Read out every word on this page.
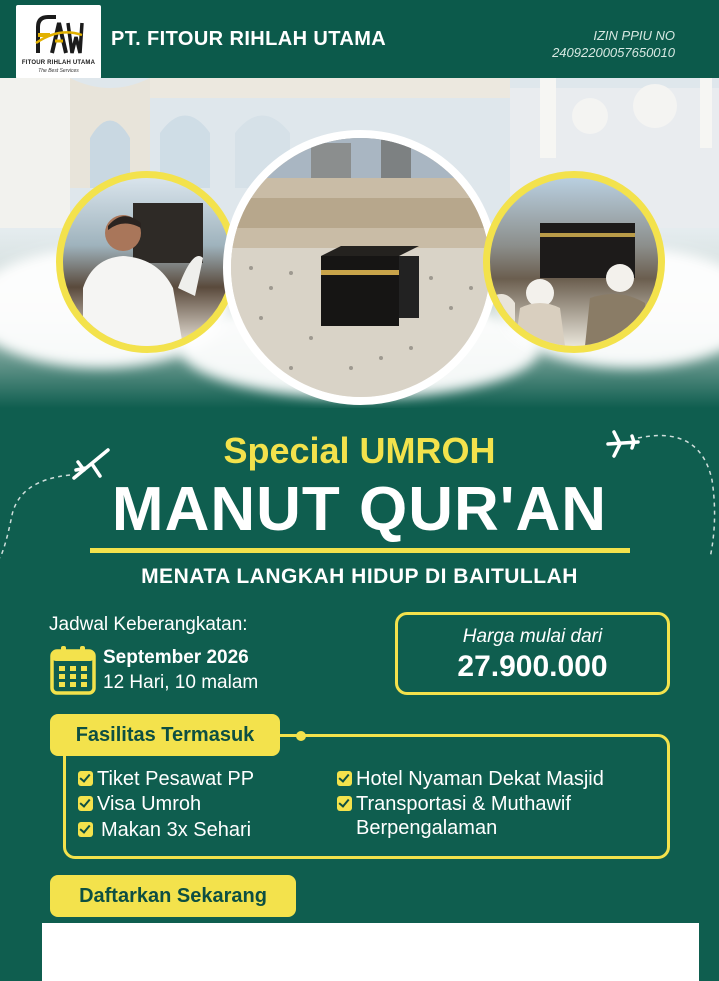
FITOUR RIHLAH UTAMA
The Best Services
PT. FITOUR RIHLAH UTAMA	IZIN PPIU NO
24092200057650010
Special UMROH
MANUT QUR'AN
MENATA LANGKAH HIDUP DI BAITULLAH
Jadwal Keberangkatan:
September 2026
12 Hari, 10 malam
Harga mulai dari
27.900.000
Fasilitas Termasuk
Tiket Pesawat PP
Visa Umroh
Makan 3x Sehari
Hotel Nyaman Dekat Masjid
Transportasi & Muthawif Berpengalaman
Daftarkan Sekarang
